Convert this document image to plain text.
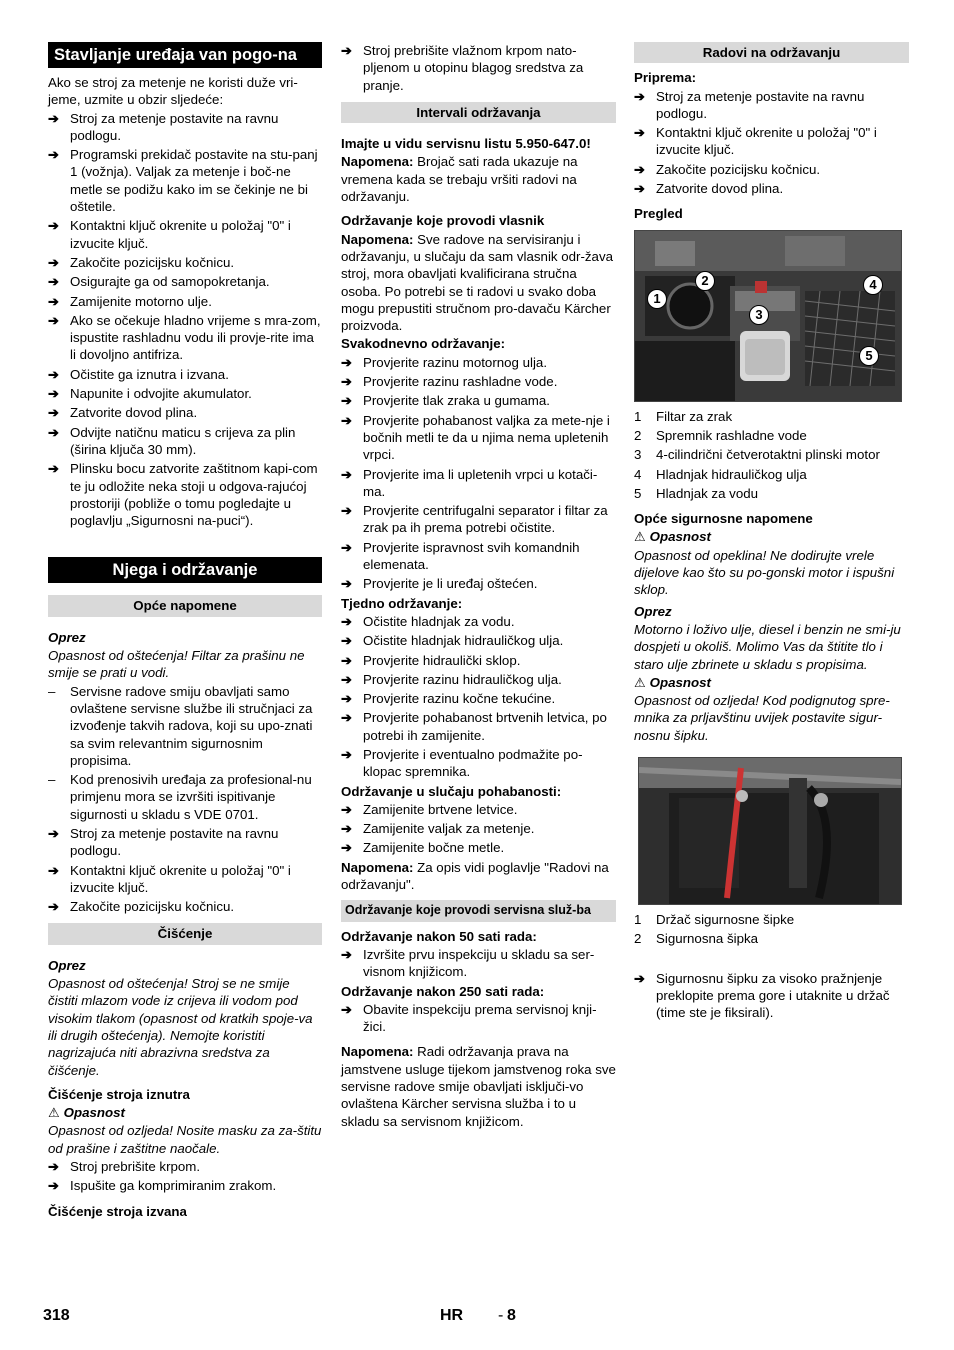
Stavljanje uređaja van pogo-na

Ako se stroj za metenje ne koristi duže vri-jeme, uzmite u obzir sljedeće:

➔ Stroj za metenje postavite na ravnu podlogu.
➔ Programski prekidač postavite na stu-panj 1 (vožnja). Valjak za metenje i boč-ne metle se podižu kako im se čekinje ne bi oštetile.
➔ Kontaktni ključ okrenite u položaj "0" i izvucite ključ.
➔ Zakočite pozicijsku kočnicu.
➔ Osigurajte ga od samopokretanja.
➔ Zamijenite motorno ulje.
➔ Ako se očekuje hladno vrijeme s mra-zom, ispustite rashladnu vodu ili provje-rite ima li dovoljno antifriza.
➔ Očistite ga iznutra i izvana.
➔ Napunite i odvojite akumulator.
➔ Zatvorite dovod plina.
➔ Odvijte natičnu maticu s crijeva za plin (širina ključa 30 mm).
➔ Plinsku bocu zatvorite zaštitnom kapi-com te ju odložite neka stoji u odgova-rajućoj prostoriji (pobliže o tomu pogledajte u poglavlju „Sigurnosni na-puci“).
Njega i održavanje
Opće napomene

Oprez

Opasnost od oštećenja! Filtar za prašinu ne smije se prati u vodi.

– Servisne radove smiju obavljati samo ovlaštene servisne službe ili stručnjaci za izvođenje takvih radova, koji su upo-znati sa svim relevantnim sigurnosnim propisima.
– Kod prenosivih uređaja za profesional-nu primjenu mora se izvršiti ispitivanje sigurnosti u skladu s VDE 0701.
➔ Stroj za metenje postavite na ravnu podlogu.
➔ Kontaktni ključ okrenite u položaj "0" i izvucite ključ.
➔ Zakočite pozicijsku kočnicu.
Čišćenje

Oprez

Opasnost od oštećenja! Stroj se ne smije čistiti mlazom vode iz crijeva ili vodom pod visokim tlakom (opasnost od kratkih spoje-va ili drugih oštećenja). Nemojte koristiti nagrizajuća niti abrazivna sredstva za čišćenje.

Čišćenje stroja iznutra

⚠ Opasnost

Opasnost od ozljeda! Nosite masku za za-štitu od prašine i zaštitne naočale.

➔ Stroj prebrišite krpom.
➔ Ispušite ga komprimiranim zrakom.

Čišćenje stroja izvana

➔ Stroj prebrišite vlažnom krpom nato-pljenom u otopinu blagog sredstva za pranje.
Intervali održavanja

Imajte u vidu servisnu listu 5.950-647.0!

Napomena: Brojač sati rada ukazuje na vremena kada se trebaju vršiti radovi na održavanju.

Održavanje koje provodi vlasnik

Napomena: Sve radove na servisiranju i održavanju, u slučaju da sam vlasnik odr-žava stroj, mora obavljati kvalificirana stručna osoba. Po potrebi se ti radovi u svako doba mogu prepustiti stručnom pro-davaču Kärcher proizvoda.

Svakodnevno održavanje:

➔ Provjerite razinu motornog ulja.
➔ Provjerite razinu rashladne vode.
➔ Provjerite tlak zraka u gumama.
➔ Provjerite pohabanost valjka za mete-nje i bočnih metli te da u njima nema upletenih vrpci.
➔ Provjerite ima li upletenih vrpci u kotači-ma.
➔ Provjerite centrifugalni separator i filtar za zrak pa ih prema potrebi očistite.
➔ Provjerite ispravnost svih komandnih elemenata.
➔ Provjerite je li uređaj oštećen.

Tjedno održavanje:

➔ Očistite hladnjak za vodu.
➔ Očistite hladnjak hidrauličkog ulja.
➔ Provjerite hidraulički sklop.
➔ Provjerite razinu hidrauličkog ulja.
➔ Provjerite razinu kočne tekućine.
➔ Provjerite pohabanost brtvenih letvica, po potrebi ih zamijenite.
➔ Provjerite i eventualno podmažite po-klopac spremnika.

Održavanje u slučaju pohabanosti:

➔ Zamijenite brtvene letvice.
➔ Zamijenite valjak za metenje.
➔ Zamijenite bočne metle.

Napomena: Za opis vidi poglavlje "Radovi na održavanju".

Održavanje koje provodi servisna služ-ba

Održavanje nakon 50 sati rada:

➔ Izvršite prvu inspekciju u skladu sa ser-visnom knjižicom.

Održavanje nakon 250 sati rada:

➔ Obavite inspekciju prema servisnoj knji-žici.

Napomena: Radi održavanja prava na jamstvene usluge tijekom jamstvenog roka sve servisne radove smije obavljati isključi-vo ovlaštena Kärcher servisna služba i to u skladu sa servisnom knjižicom.

Radovi na održavanju

Priprema:

➔ Stroj za metenje postavite na ravnu podlogu.
➔ Kontaktni ključ okrenite u položaj "0" i izvucite ključ.
➔ Zakočite pozicijsku kočnicu.
➔ Zatvorite dovod plina.

Pregled

1
2
3
4
5
1 Filtar za zrak
2 Spremnik rashladne vode
3 4-cilindrični četverotaktni plinski motor
4 Hladnjak hidrauličkog ulja
5 Hladnjak za vodu

Opće sigurnosne napomene

⚠ Opasnost

Opasnost od opeklina! Ne dodirujte vrele dijelove kao što su po-gonski motor i ispušni sklop.

Oprez

Motorno i loživo ulje, diesel i benzin ne smi-ju dospjeti u okoliš. Molimo Vas da štitite tlo i staro ulje zbrinete u skladu s propisima.

⚠ Opasnost

Opasnost od ozljeda! Kod podignutog spre-mnika za prljavštinu uvijek postavite sigur-nosnu šipku.

1 Držač sigurnosne šipke
2 Sigurnosna šipka
➔ Sigurnosnu šipku za visoko pražnjenje preklopite prema gore i utaknite u držač (time ste je fiksirali).
318	HR - 8
